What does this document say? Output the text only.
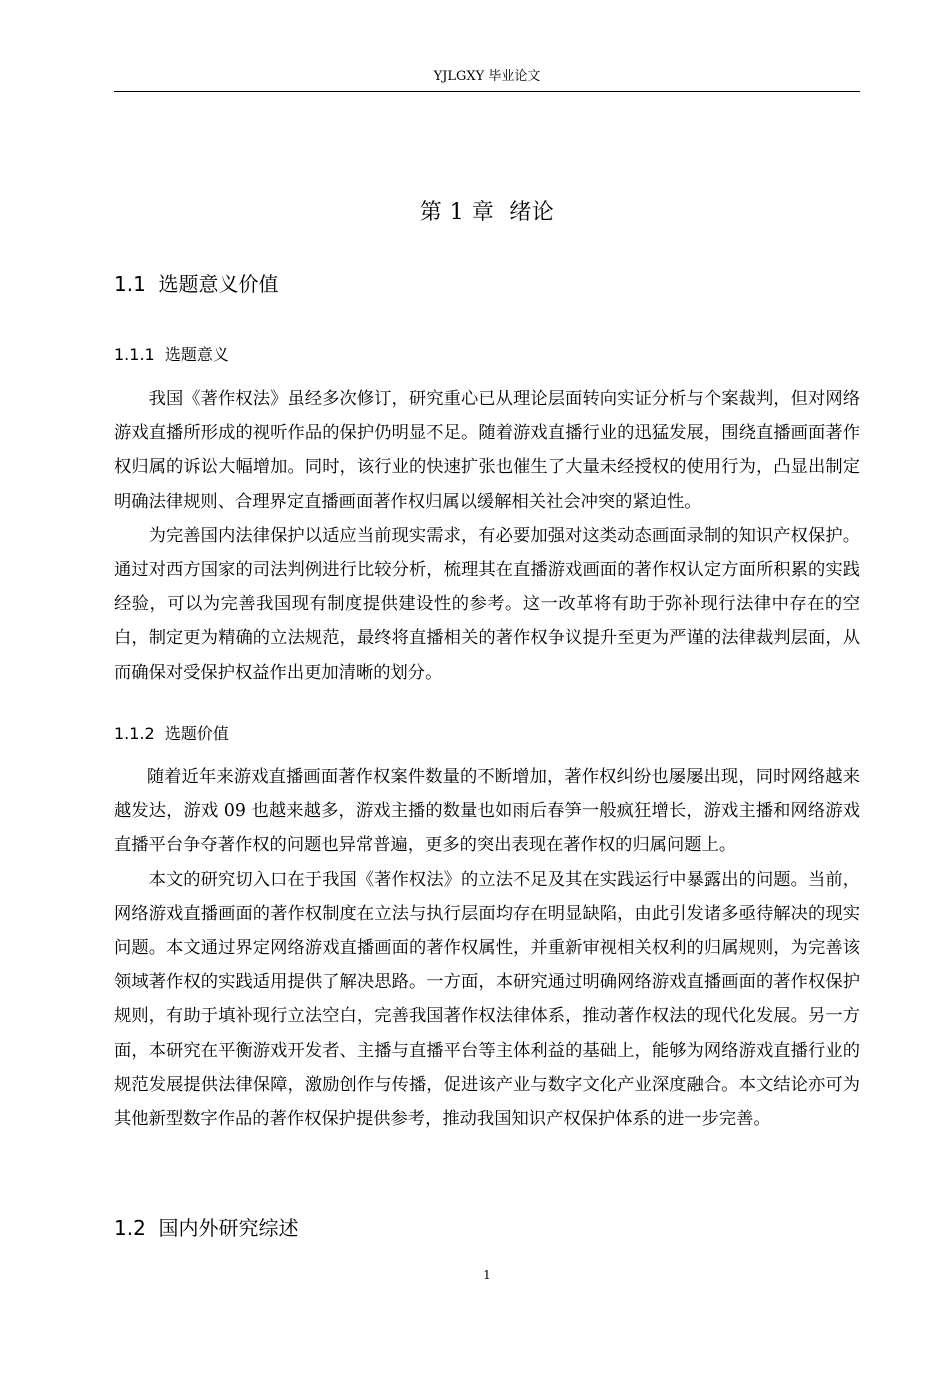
YJLGXY 毕业论文
第 1 章  绪论
1.1 选题意义价值
1.1.1 选题意义

我国《著作权法》虽经多次修订，研究重心已从理论层面转向实证分析与个案裁判，但对网络游戏直播所形成的视听作品的保护仍明显不足。随着游戏直播行业的迅猛发展，围绕直播画面著作权归属的诉讼大幅增加。同时，该行业的快速扩张也催生了大量未经授权的使用行为，凸显出制定明确法律规则、合理界定直播画面著作权归属以缓解相关社会冲突的紧迫性。

为完善国内法律保护以适应当前现实需求，有必要加强对这类动态画面录制的知识产权保护。通过对西方国家的司法判例进行比较分析，梳理其在直播游戏画面的著作权认定方面所积累的实践经验，可以为完善我国现有制度提供建设性的参考。这一改革将有助于弥补现行法律中存在的空白，制定更为精确的立法规范，最终将直播相关的著作权争议提升至更为严谨的法律裁判层面，从而确保对受保护权益作出更加清晰的划分。

1.1.2 选题价值

随着近年来游戏直播画面著作权案件数量的不断增加，著作权纠纷也屡屡出现，同时网络越来越发达，游戏 09 也越来越多，游戏主播的数量也如雨后春笋一般疯狂增长，游戏主播和网络游戏直播平台争夺著作权的问题也异常普遍，更多的突出表现在著作权的归属问题上。

本文的研究切入口在于我国《著作权法》的立法不足及其在实践运行中暴露出的问题。当前，网络游戏直播画面的著作权制度在立法与执行层面均存在明显缺陷，由此引发诸多亟待解决的现实问题。本文通过界定网络游戏直播画面的著作权属性，并重新审视相关权利的归属规则，为完善该领域著作权的实践适用提供了解决思路。一方面，本研究通过明确网络游戏直播画面的著作权保护规则，有助于填补现行立法空白，完善我国著作权法律体系，推动著作权法的现代化发展。另一方面，本研究在平衡游戏开发者、主播与直播平台等主体利益的基础上，能够为网络游戏直播行业的规范发展提供法律保障，激励创作与传播，促进该产业与数字文化产业深度融合。本文结论亦可为其他新型数字作品的著作权保护提供参考，推动我国知识产权保护体系的进一步完善。

1.2 国内外研究综述
1
